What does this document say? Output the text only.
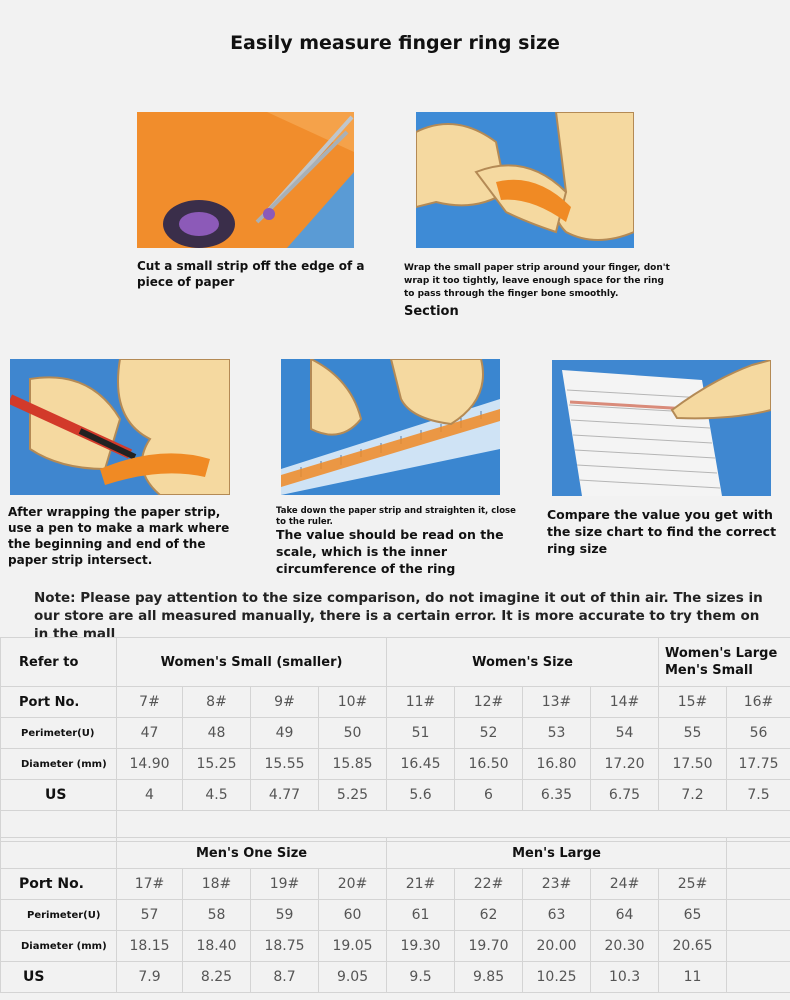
Easily measure finger ring size
Cut a small strip off the edge of a piece of paper
Wrap the small paper strip around your finger, don't wrap it too tightly, leave enough space for the ring to pass through the finger bone smoothly.
Section
After wrapping the paper strip, use a pen to make a mark where the beginning and end of the paper strip intersect.
Take down the paper strip and straighten it, close to the ruler.
The value should be read on the scale, which is the inner circumference of the ring
Compare the value you get with the size chart to find the correct ring size
Note: Please pay attention to the size comparison, do not imagine it out of thin air. The sizes in our store are all measured manually, there is a certain error. It is more accurate to try them on in the mall
Refer to	Women's Small (smaller)				Women's Size				Women's Large Men's Small	
Port No.	7#	8#	9#	10#	11#	12#	13#	14#	15#	16#
Perimeter(U)	47	48	49	50	51	52	53	54	55	56
Diameter (mm)	14.90	15.25	15.55	15.85	16.45	16.50	16.80	17.20	17.50	17.75
US	4	4.5	4.77	5.25	5.6	6	6.35	6.75	7.2	7.5

	Men's One Size				Men's Large					
Port No.	17#	18#	19#	20#	21#	22#	23#	24#	25#	
Perimeter(U)	57	58	59	60	61	62	63	64	65	
Diameter (mm)	18.15	18.40	18.75	19.05	19.30	19.70	20.00	20.30	20.65	
US	7.9	8.25	8.7	9.05	9.5	9.85	10.25	10.3	11	
